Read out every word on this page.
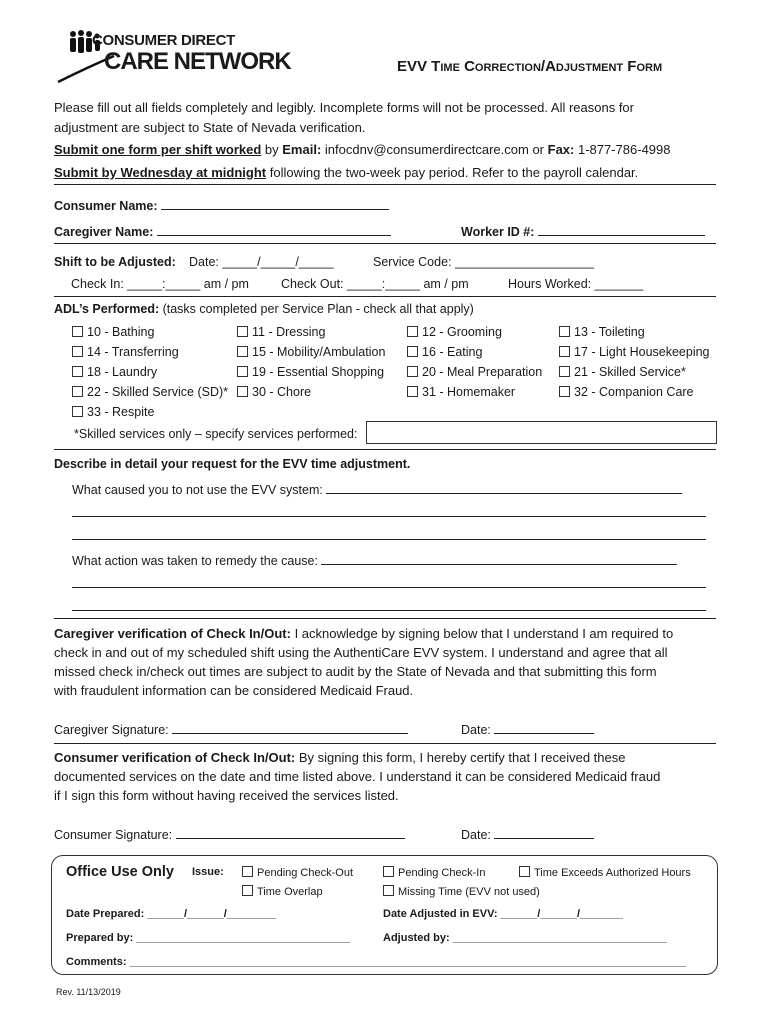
CONSUMER DIRECT
CARE NETWORK	EVV Time Correction/Adjustment Form
Please fill out all fields completely and legibly. Incomplete forms will not be processed. All reasons for
adjustment are subject to State of Nevada verification.
Submit one form per shift worked by Email: infocdnv@consumerdirectcare.com or Fax: 1-877-786-4998
Submit by Wednesday at midnight following the two-week pay period. Refer to the payroll calendar.
Consumer Name:
Caregiver Name:	Worker ID #:
Shift to be Adjusted: Date: _____/_____/_____	Service Code: ____________________
Check In: _____:_____ am / pm	Check Out: _____:_____ am / pm	Hours Worked: _______
ADL’s Performed: (tasks completed per Service Plan - check all that apply)
10 - Bathing	11 - Dressing	12 - Grooming	13 - Toileting
14 - Transferring	15 - Mobility/Ambulation	16 - Eating	17 - Light Housekeeping
18 - Laundry	19 - Essential Shopping	20 - Meal Preparation	21 - Skilled Service*
22 - Skilled Service (SD)*	30 - Chore	31 - Homemaker	32 - Companion Care
33 - Respite
*Skilled services only – specify services performed:
Describe in detail your request for the EVV time adjustment.
What caused you to not use the EVV system:
What action was taken to remedy the cause:
Caregiver verification of Check In/Out: I acknowledge by signing below that I understand I am required to
check in and out of my scheduled shift using the AuthentiCare EVV system. I understand and agree that all
missed check in/check out times are subject to audit by the State of Nevada and that submitting this form
with fraudulent information can be considered Medicaid Fraud.
Caregiver Signature:	Date:
Consumer verification of Check In/Out: By signing this form, I hereby certify that I received these
documented services on the date and time listed above. I understand it can be considered Medicaid fraud
if I sign this form without having received the services listed.
Consumer Signature:	Date:
Office Use Only Issue:	Pending Check-Out	Pending Check-In	Time Exceeds Authorized Hours
Time Overlap	Missing Time (EVV not used)
Date Prepared: ______/______/________	Date Adjusted in EVV: ______/______/_______
Prepared by: ___________________________________	Adjusted by: ___________________________________
Comments: ___________________________________________________________________________________________
Rev. 11/13/2019
